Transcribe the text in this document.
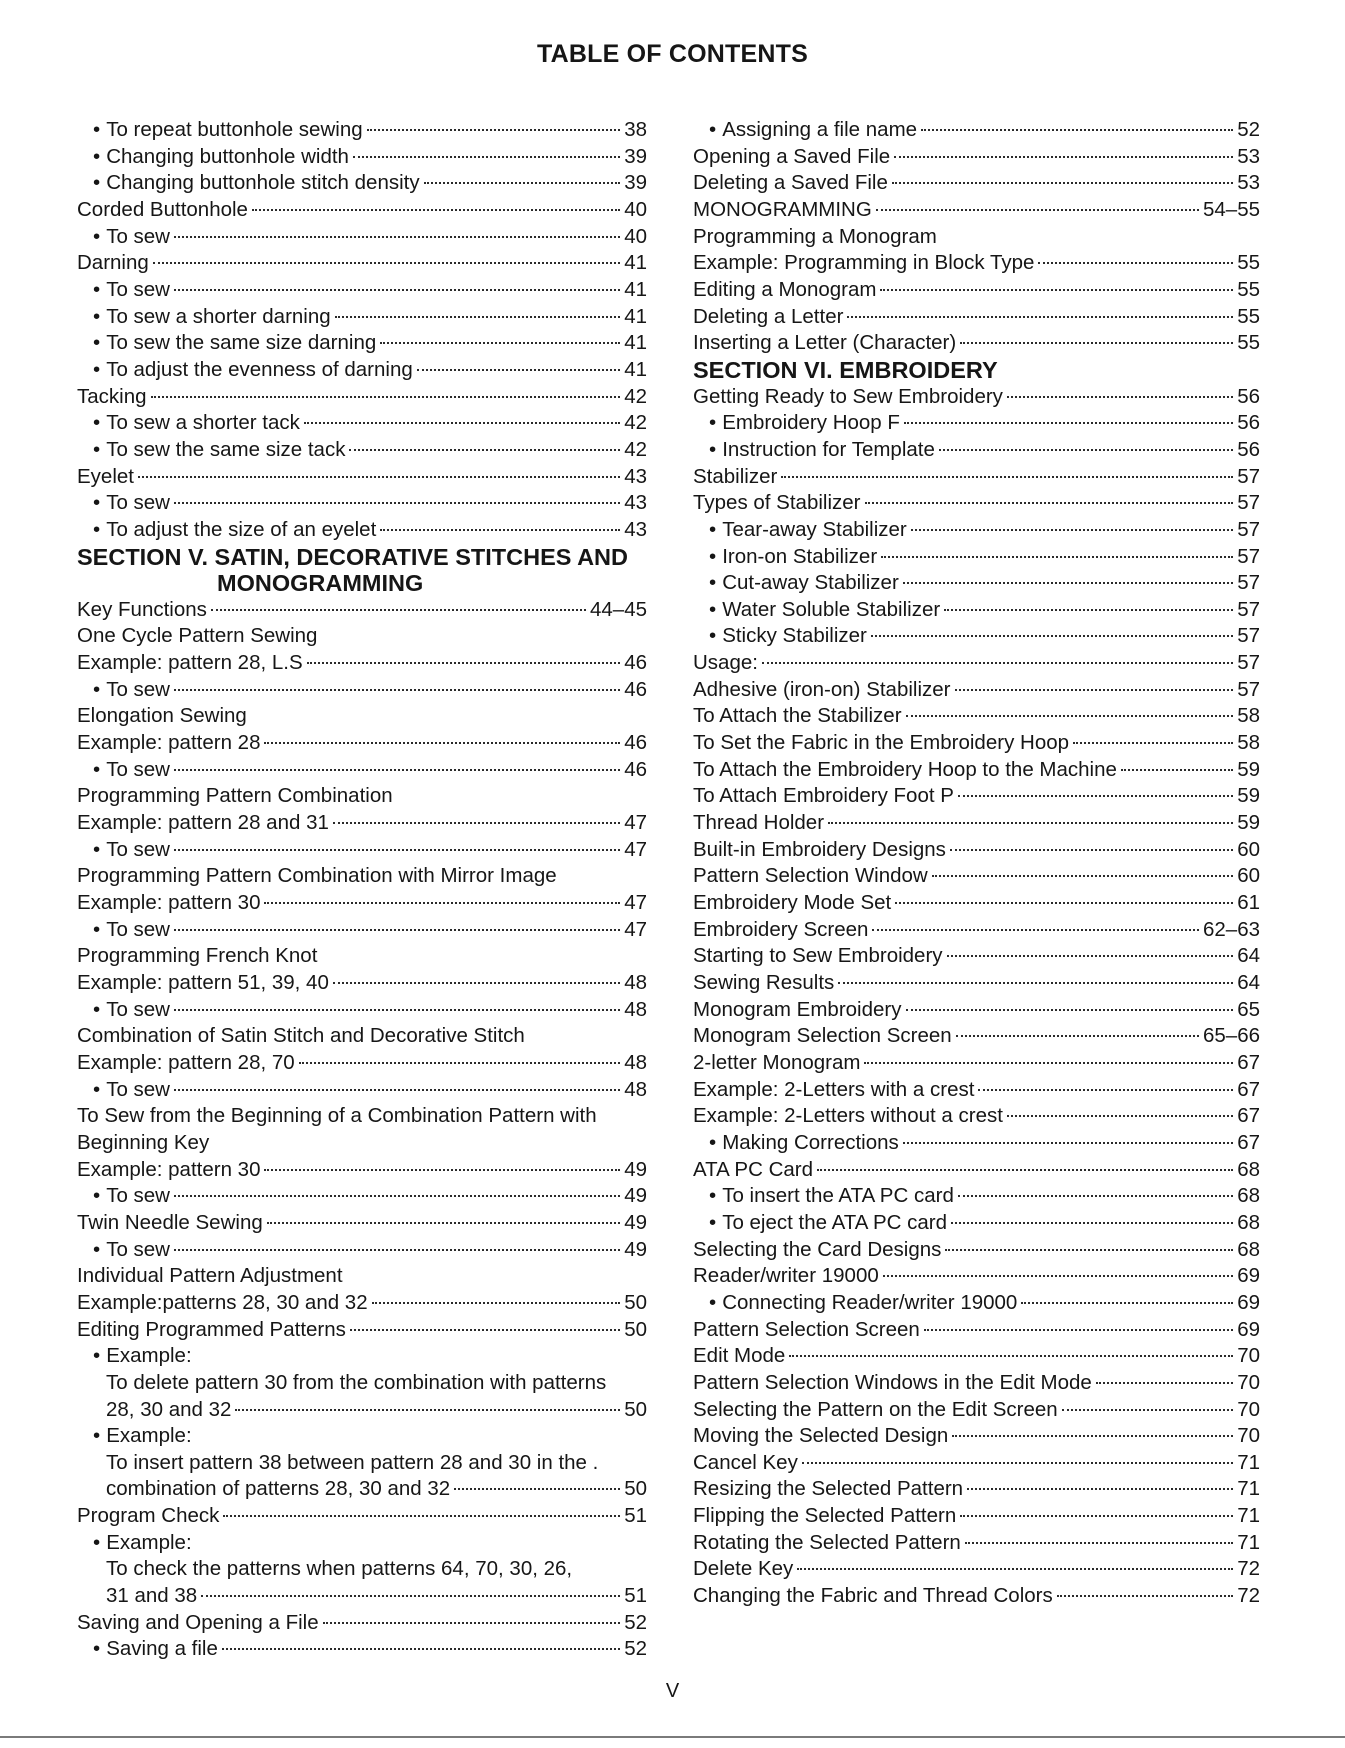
TABLE OF CONTENTS
• To repeat buttonhole sewing	38
• Changing buttonhole width	39
• Changing buttonhole stitch density	39
Corded Buttonhole	40
• To sew	40
Darning	41
• To sew	41
• To sew a shorter darning	41
• To sew the same size darning	41
• To adjust the evenness of darning	41
Tacking	42
• To sew a shorter tack	42
• To sew the same size tack	42
Eyelet	43
• To sew	43
• To adjust the size of an eyelet	43
SECTION V. SATIN, DECORATIVE STITCHES AND
MONOGRAMMING
Key Functions	44–45
One Cycle Pattern Sewing
Example: pattern 28, L.S	46
• To sew	46
Elongation Sewing
Example: pattern 28	46
• To sew	46
Programming Pattern Combination
Example: pattern 28 and 31	47
• To sew	47
Programming Pattern Combination with Mirror Image
Example: pattern 30	47
• To sew	47
Programming French Knot
Example: pattern 51, 39, 40	48
• To sew	48
Combination of Satin Stitch and Decorative Stitch
Example: pattern 28, 70	48
• To sew	48
To Sew from the Beginning of a Combination Pattern with
Beginning Key
Example: pattern 30	49
• To sew	49
Twin Needle Sewing	49
• To sew	49
Individual Pattern Adjustment
Example:patterns 28, 30 and 32	50
Editing Programmed Patterns	50
• Example:
To delete pattern 30 from the combination with patterns
28, 30 and 32	50
• Example:
To insert pattern 38 between pattern 28 and 30 in the .
combination of patterns 28, 30 and 32	50
Program Check	51
• Example:
To check the patterns when patterns 64, 70, 30, 26,
31 and 38	51
Saving and Opening a File	52
• Saving a file	52
• Assigning a file name	52
Opening a Saved File	53
Deleting a Saved File	53
MONOGRAMMING	54–55
Programming a Monogram
Example: Programming in Block Type	55
Editing a Monogram	55
Deleting a Letter	55
Inserting a Letter (Character)	55
SECTION VI. EMBROIDERY
Getting Ready to Sew Embroidery	56
• Embroidery Hoop F	56
• Instruction for Template	56
Stabilizer	57
Types of Stabilizer	57
• Tear-away Stabilizer	57
• Iron-on Stabilizer	57
• Cut-away Stabilizer	57
• Water Soluble Stabilizer	57
• Sticky Stabilizer	57
Usage:	57
Adhesive (iron-on) Stabilizer	57
To Attach the Stabilizer	58
To Set the Fabric in the Embroidery Hoop	58
To Attach the Embroidery Hoop to the Machine	59
To Attach Embroidery Foot P	59
Thread Holder	59
Built-in Embroidery Designs	60
Pattern Selection Window	60
Embroidery Mode Set	61
Embroidery Screen	62–63
Starting to Sew Embroidery	64
Sewing Results	64
Monogram Embroidery	65
Monogram Selection Screen	65–66
2-letter Monogram	67
Example: 2-Letters with a crest	67
Example: 2-Letters without a crest	67
• Making Corrections	67
ATA PC Card	68
• To insert the ATA PC card	68
• To eject the ATA PC card	68
Selecting the Card Designs	68
Reader/writer 19000	69
• Connecting Reader/writer 19000	69
Pattern Selection Screen	69
Edit Mode	70
Pattern Selection Windows in the Edit Mode	70
Selecting the Pattern on the Edit Screen	70
Moving the Selected Design	70
Cancel Key	71
Resizing the Selected Pattern	71
Flipping the Selected Pattern	71
Rotating the Selected Pattern	71
Delete Key	72
Changing the Fabric and Thread Colors	72
V
